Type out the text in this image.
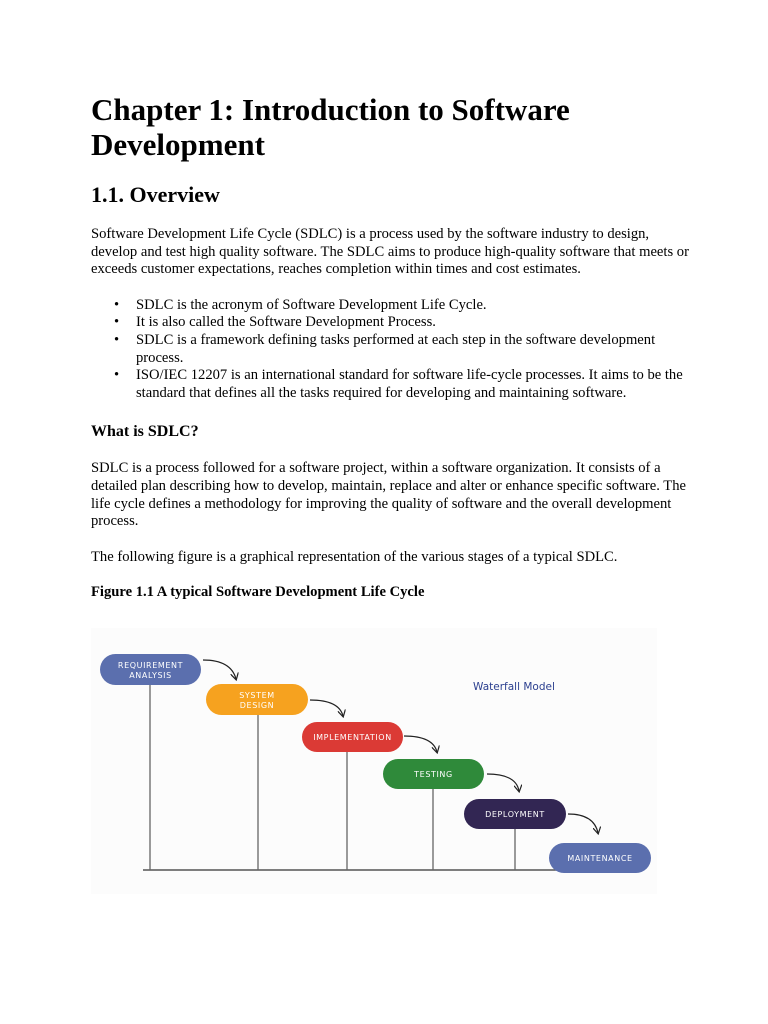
Chapter 1: Introduction to Software Development
1.1. Overview

Software Development Life Cycle (SDLC) is a process used by the software industry to design, develop and test high quality software. The SDLC aims to produce high-quality software that meets or exceeds customer expectations, reaches completion within times and cost estimates.

• SDLC is the acronym of Software Development Life Cycle.
• It is also called the Software Development Process.
• SDLC is a framework defining tasks performed at each step in the software development process.
• ISO/IEC 12207 is an international standard for software life-cycle processes. It aims to be the standard that defines all the tasks required for developing and maintaining software.
What is SDLC?

SDLC is a process followed for a software project, within a software organization. It consists of a detailed plan describing how to develop, maintain, replace and alter or enhance specific software. The life cycle defines a methodology for improving the quality of software and the overall development process.

The following figure is a graphical representation of the various stages of a typical SDLC.

Figure 1.1 A typical Software Development Life Cycle

Waterfall Model
REQUIREMENT
ANALYSIS
SYSTEM
DESIGN
IMPLEMENTATION
TESTING
DEPLOYMENT
MAINTENANCE
